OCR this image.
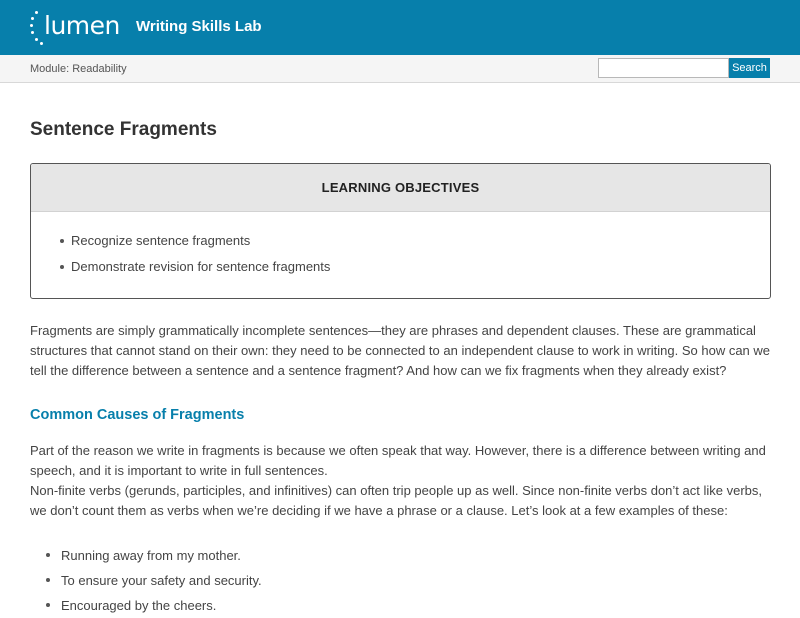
lumen Writing Skills Lab
Module: Readability	Search
Sentence Fragments
LEARNING OBJECTIVES
Recognize sentence fragments
Demonstrate revision for sentence fragments

Fragments are simply grammatically incomplete sentences—they are phrases and dependent clauses. These are grammatical structures that cannot stand on their own: they need to be connected to an independent clause to work in writing. So how can we tell the difference between a sentence and a sentence fragment? And how can we fix fragments when they already exist?

Common Causes of Fragments
Part of the reason we write in fragments is because we often speak that way. However, there is a difference between writing and speech, and it is important to write in full sentences.
Non-finite verbs (gerunds, participles, and infinitives) can often trip people up as well. Since non-finite verbs don’t act like verbs, we don’t count them as verbs when we’re deciding if we have a phrase or a clause. Let’s look at a few examples of these:
Running away from my mother.
To ensure your safety and security.
Encouraged by the cheers.
